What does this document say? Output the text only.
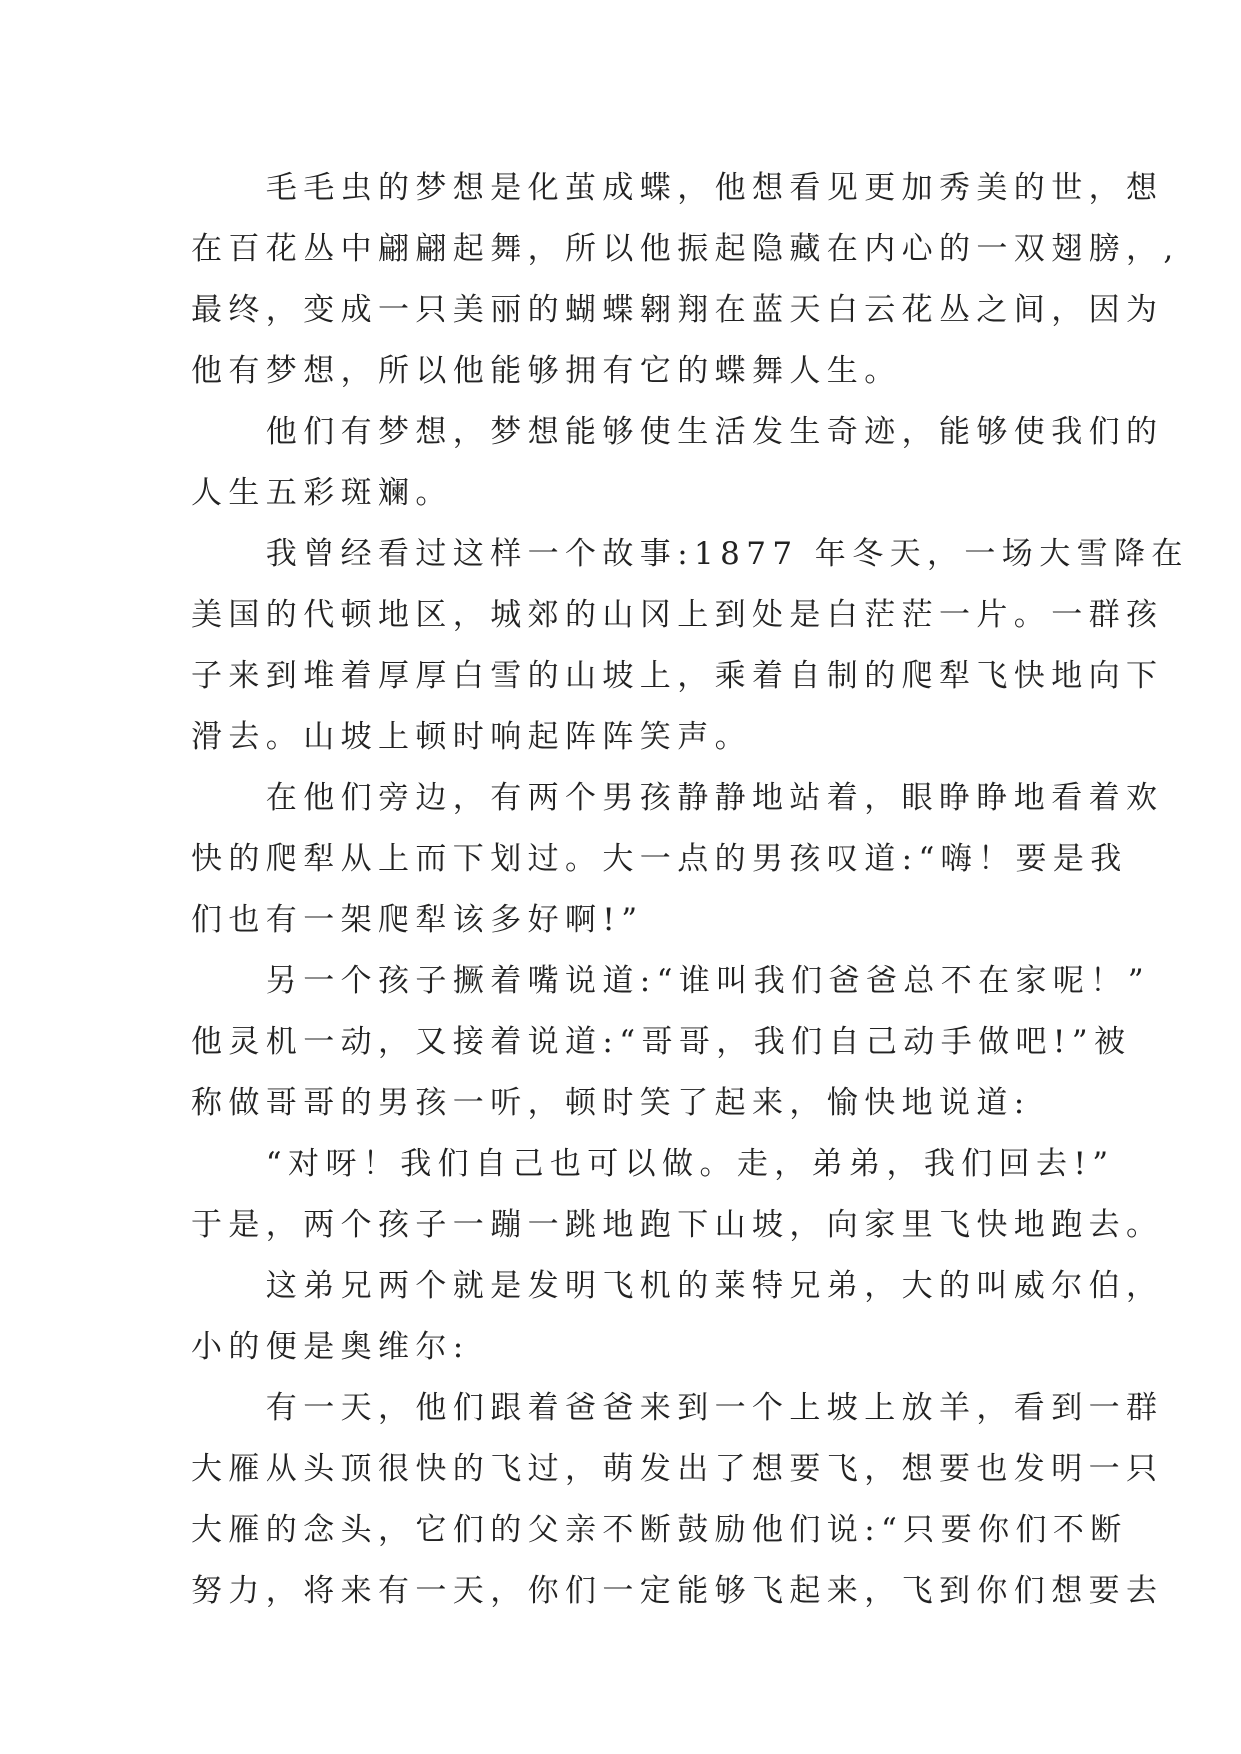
　　毛毛虫的梦想是化茧成蝶，他想看见更加秀美的世，想
在百花丛中翩翩起舞，所以他振起隐藏在内心的一双翅膀，,
最终，变成一只美丽的蝴蝶翱翔在蓝天白云花丛之间，因为
他有梦想，所以他能够拥有它的蝶舞人生。
　　他们有梦想，梦想能够使生活发生奇迹，能够使我们的
人生五彩斑斓。
　　我曾经看过这样一个故事:1877 年冬天，一场大雪降在
美国的代顿地区，城郊的山冈上到处是白茫茫一片。一群孩
子来到堆着厚厚白雪的山坡上，乘着自制的爬犁飞快地向下
滑去。山坡上顿时响起阵阵笑声。
　　在他们旁边，有两个男孩静静地站着，眼睁睁地看着欢
快的爬犁从上而下划过。大一点的男孩叹道:“嗨！要是我
们也有一架爬犁该多好啊!”
　　另一个孩子撅着嘴说道:“谁叫我们爸爸总不在家呢！”
他灵机一动，又接着说道:“哥哥，我们自己动手做吧!”被
称做哥哥的男孩一听，顿时笑了起来，愉快地说道:
　　“对呀！我们自己也可以做。走，弟弟，我们回去!”
于是，两个孩子一蹦一跳地跑下山坡，向家里飞快地跑去。
　　这弟兄两个就是发明飞机的莱特兄弟，大的叫威尔伯，
小的便是奥维尔:
　　有一天，他们跟着爸爸来到一个上坡上放羊，看到一群
大雁从头顶很快的飞过，萌发出了想要飞，想要也发明一只
大雁的念头，它们的父亲不断鼓励他们说:“只要你们不断
努力，将来有一天，你们一定能够飞起来，飞到你们想要去
